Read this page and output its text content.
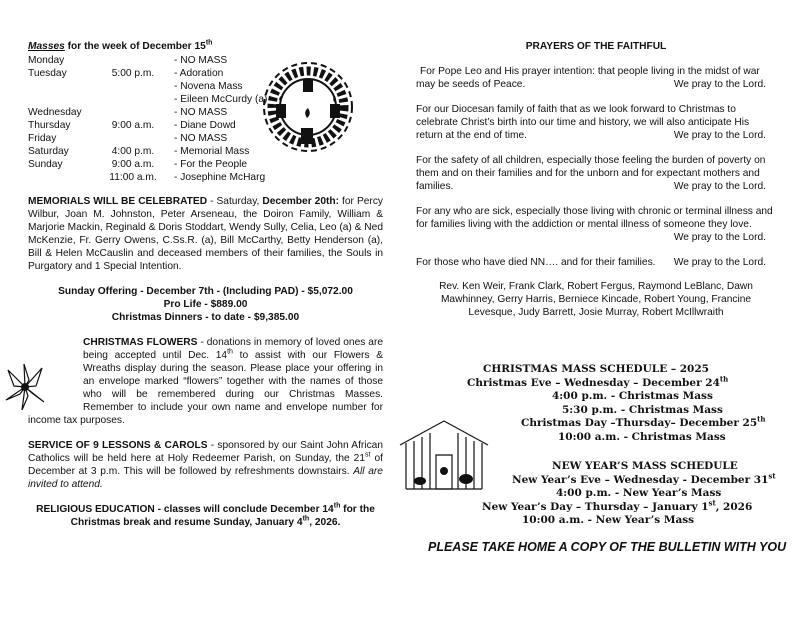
Masses for the week of December 15th
Monday		- NO MASS
Tuesday	5:00 p.m.	- Adoration
		- Novena Mass
		- Eileen McCurdy (a)
Wednesday		- NO MASS
Thursday	9:00 a.m.	- Diane Dowd
Friday		- NO MASS
Saturday	4:00 p.m.	- Memorial Mass
Sunday	9:00 a.m.	- For the People
	11:00 a.m.	- Josephine McHarg

MEMORIALS WILL BE CELEBRATED - Saturday, December 20th: for Percy Wilbur, Joan M. Johnston, Peter Arseneau, the Doiron Family, William & Marjorie Mackin, Reginald & Doris Stoddart, Wendy Sully, Celia, Leo (a) & Ned McKenzie, Fr. Gerry Owens, C.Ss.R. (a), Bill McCarthy, Betty Henderson (a), Bill & Helen McCauslin and deceased members of their families, the Souls in Purgatory and 1 Special Intention.

Sunday Offering - December 7th - (Including PAD) - $5,072.00
Pro Life - $889.00
Christmas Dinners - to date - $9,385.00

CHRISTMAS FLOWERS - donations in memory of loved ones are being accepted until Dec. 14th to assist with our Flowers & Wreaths display during the season. Please place your offering in an envelope marked “flowers” together with the names of those who will be remembered during our Christmas Masses. Remember to include your own name and envelope number for income tax purposes.

SERVICE OF 9 LESSONS & CAROLS - sponsored by our Saint John African Catholics will be held here at Holy Redeemer Parish, on Sunday, the 21st of December at 3 p.m. This will be followed by refreshments downstairs. All are invited to attend.

RELIGIOUS EDUCATION - classes will conclude December 14th for the Christmas break and resume Sunday, January 4th, 2026.

PRAYERS OF THE FAITHFUL
For Pope Leo and His prayer intention: that people living in the midst of war may be seeds of Peace.	We pray to the Lord.
For our Diocesan family of faith that as we look forward to Christmas to celebrate Christ’s birth into our time and history, we will also anticipate His return at the end of time.	We pray to the Lord.
For the safety of all children, especially those feeling the burden of poverty on them and on their families and for the unborn and for expectant mothers and families.	We pray to the Lord.
For any who are sick, especially those living with chronic or terminal illness and for families living with the addiction or mental illness of someone they love.
We pray to the Lord.
For those who have died NN…. and for their families. We pray to the Lord.
Rev. Ken Weir, Frank Clark, Robert Fergus, Raymond LeBlanc, Dawn Mawhinney, Gerry Harris, Berniece Kincade, Robert Young, Francine Levesque, Judy Barrett, Josie Murray, Robert McIllwraith
CHRISTMAS MASS SCHEDULE – 2025
Christmas Eve – Wednesday – December 24th
4:00 p.m. - Christmas Mass
5:30 p.m. - Christmas Mass
Christmas Day –Thursday– December 25th
10:00 a.m. - Christmas Mass
NEW YEAR’S MASS SCHEDULE
New Year’s Eve – Wednesday - December 31st
4:00 p.m. - New Year’s Mass
New Year’s Day – Thursday – January 1st, 2026
10:00 a.m. - New Year’s Mass
PLEASE TAKE HOME A COPY OF THE BULLETIN WITH YOU
